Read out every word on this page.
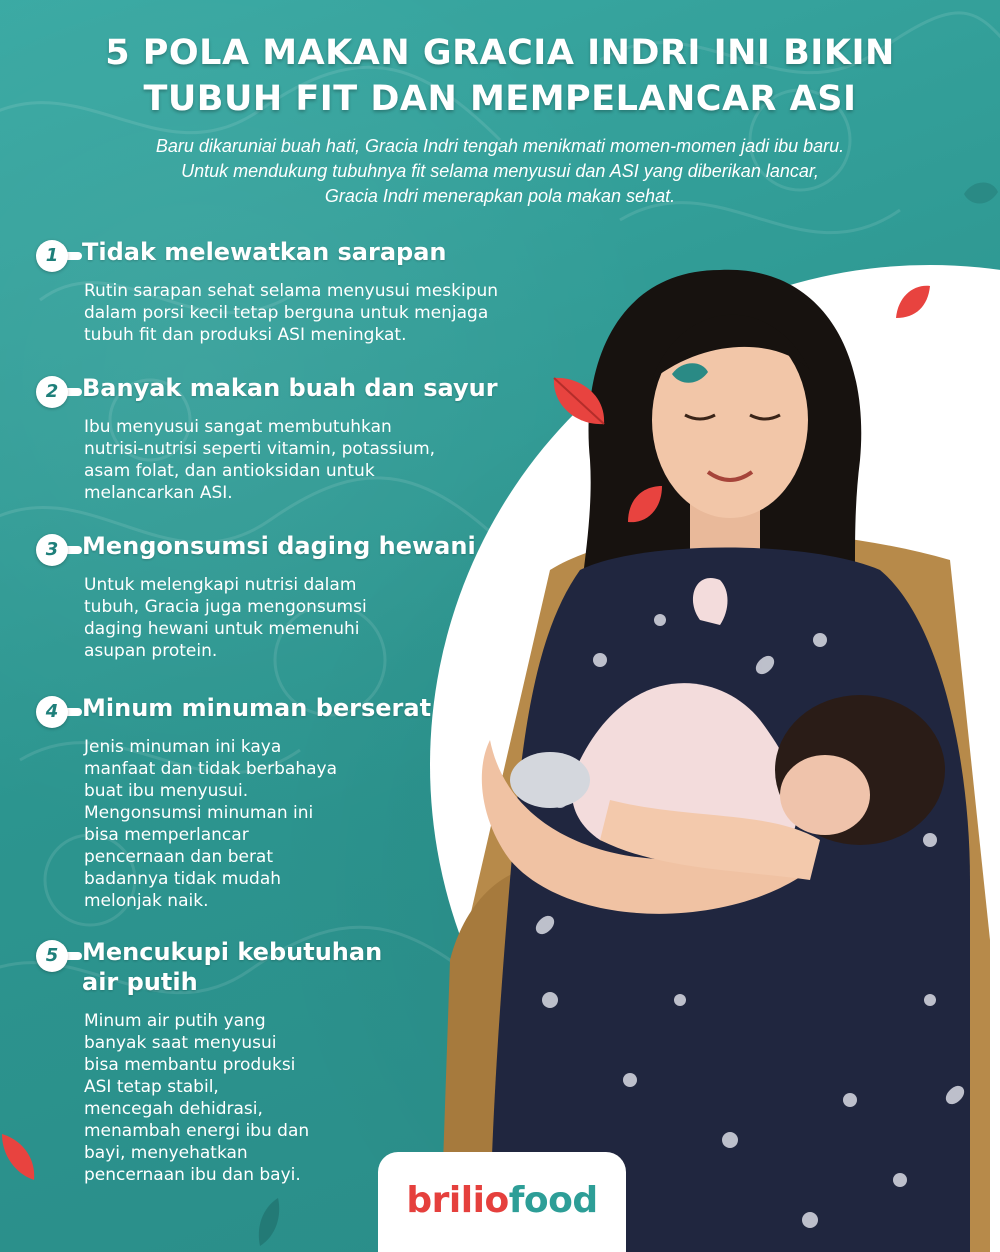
5 POLA MAKAN GRACIA INDRI INI BIKIN
TUBUH FIT DAN MEMPELANCAR ASI
Baru dikaruniai buah hati, Gracia Indri tengah menikmati momen-momen jadi ibu baru.
Untuk mendukung tubuhnya fit selama menyusui dan ASI yang diberikan lancar,
Gracia Indri menerapkan pola makan sehat.
1 Tidak melewatkan sarapan
Rutin sarapan sehat selama menyusui meskipun
dalam porsi kecil tetap berguna untuk menjaga
tubuh fit dan produksi ASI meningkat.
2 Banyak makan buah dan sayur
Ibu menyusui sangat membutuhkan
nutrisi-nutrisi seperti vitamin, potassium,
asam folat, dan antioksidan untuk
melancarkan ASI.
3 Mengonsumsi daging hewani
Untuk melengkapi nutrisi dalam
tubuh, Gracia juga mengonsumsi
daging hewani untuk memenuhi
asupan protein.
4 Minum minuman berserat
Jenis minuman ini kaya
manfaat dan tidak berbahaya
buat ibu menyusui.
Mengonsumsi minuman ini
bisa memperlancar
pencernaan dan berat
badannya tidak mudah
melonjak naik.
5 Mencukupi kebutuhan
air putih
Minum air putih yang
banyak saat menyusui
bisa membantu produksi
ASI tetap stabil,
mencegah dehidrasi,
menambah energi ibu dan
bayi, menyehatkan
pencernaan ibu dan bayi.
briliofood
